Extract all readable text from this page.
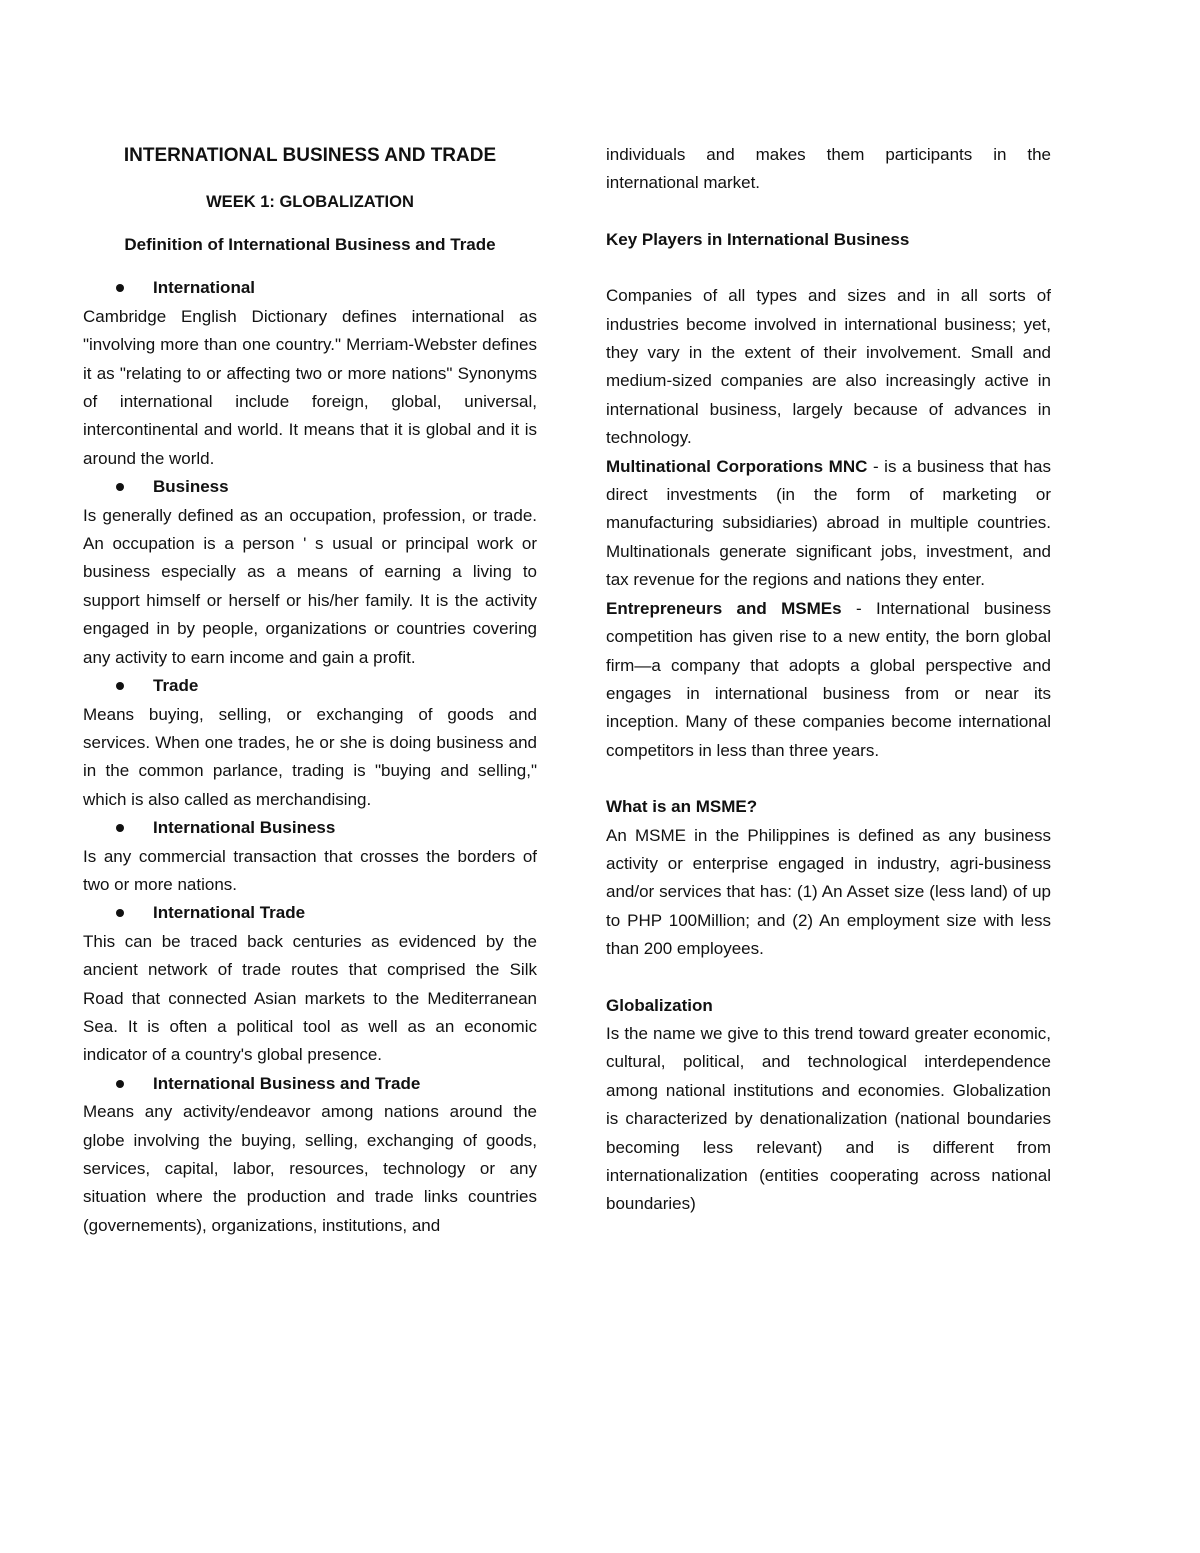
INTERNATIONAL BUSINESS AND TRADE
WEEK 1: GLOBALIZATION
Definition of International Business and Trade
International

Cambridge English Dictionary defines international as "involving more than one country." Merriam-Webster defines it as "relating to or affecting two or more nations" Synonyms of international include foreign, global, universal, intercontinental and world. It means that it is global and it is around the world.

Business

Is generally defined as an occupation, profession, or trade. An occupation is a person ' s usual or principal work or business especially as a means of earning a living to support himself or herself or his/her family. It is the activity engaged in by people, organizations or countries covering any activity to earn income and gain a profit.

Trade

Means buying, selling, or exchanging of goods and services. When one trades, he or she is doing business and in the common parlance, trading is "buying and selling," which is also called as merchandising.

International Business

Is any commercial transaction that crosses the borders of two or more nations.

International Trade

This can be traced back centuries as evidenced by the ancient network of trade routes that comprised the Silk Road that connected Asian markets to the Mediterranean Sea. It is often a political tool as well as an economic indicator of a country's global presence.

International Business and Trade

Means any activity/endeavor among nations around the globe involving the buying, selling, exchanging of goods, services, capital, labor, resources, technology or any situation where the production and trade links countries (governements), organizations, institutions, and

individuals and makes them participants in the international market.

Key Players in International Business

Companies of all types and sizes and in all sorts of industries become involved in international business; yet, they vary in the extent of their involvement. Small and medium-sized companies are also increasingly active in international business, largely because of advances in technology.

Multinational Corporations MNC - is a business that has direct investments (in the form of marketing or manufacturing subsidiaries) abroad in multiple countries. Multinationals generate significant jobs, investment, and tax revenue for the regions and nations they enter.

Entrepreneurs and MSMEs - International business competition has given rise to a new entity, the born global firm—a company that adopts a global perspective and engages in international business from or near its inception. Many of these companies become international competitors in less than three years.

What is an MSME?

An MSME in the Philippines is defined as any business activity or enterprise engaged in industry, agri-business and/or services that has: (1) An Asset size (less land) of up to PHP 100Million; and (2) An employment size with less than 200 employees.

Globalization

Is the name we give to this trend toward greater economic, cultural, political, and technological interdependence among national institutions and economies. Globalization is characterized by denationalization (national boundaries becoming less relevant) and is different from internationalization (entities cooperating across national boundaries)
